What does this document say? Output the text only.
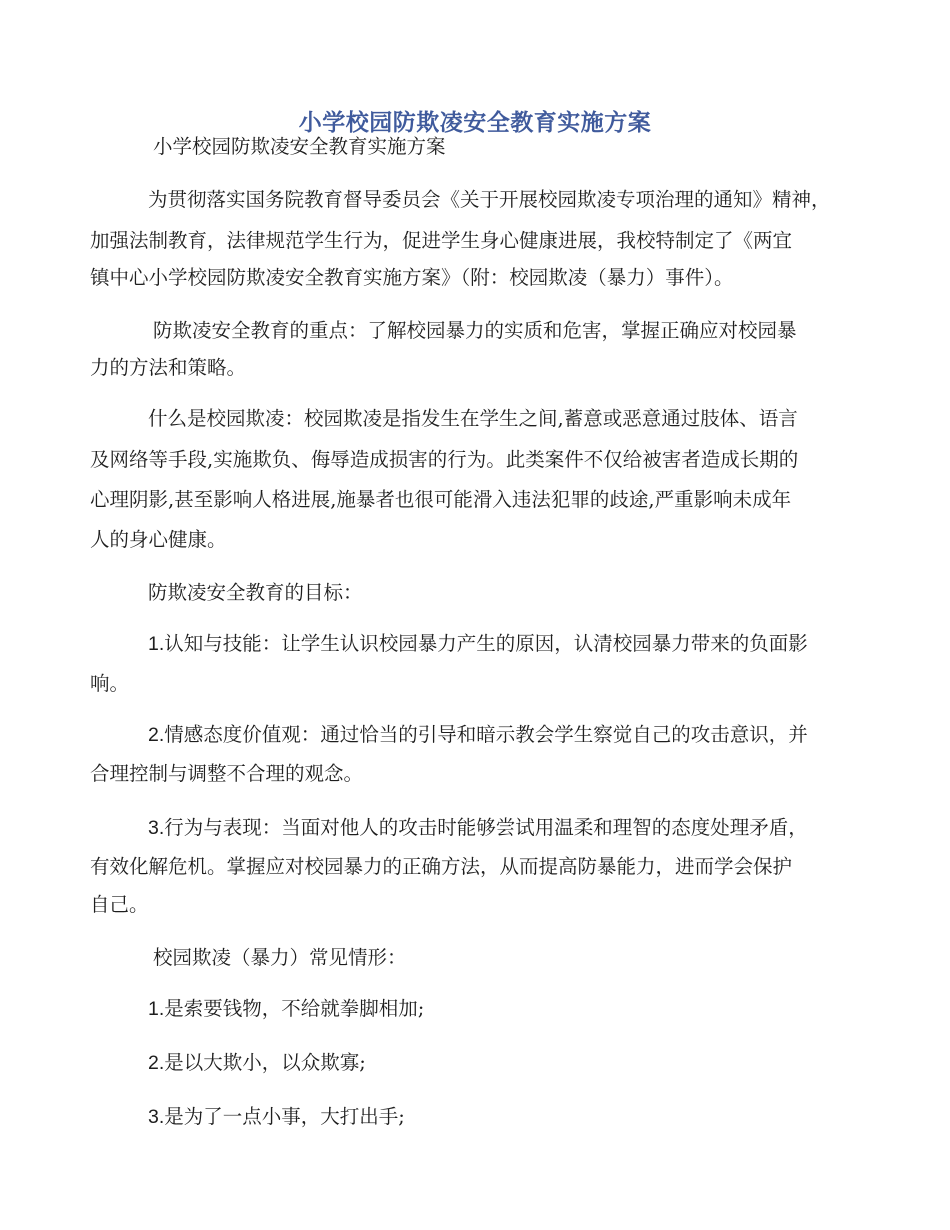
小学校园防欺凌安全教育实施方案
小学校园防欺凌安全教育实施方案
为贯彻落实国务院教育督导委员会《关于开展校园欺凌专项治理的通知》精神，
加强法制教育，法律规范学生行为，促进学生身心健康进展，我校特制定了《两宜
镇中心小学校园防欺凌安全教育实施方案》（附：校园欺凌（暴力）事件）。
防欺凌安全教育的重点：了解校园暴力的实质和危害，掌握正确应对校园暴
力的方法和策略。
什么是校园欺凌：校园欺凌是指发生在学生之间,蓄意或恶意通过肢体、语言
及网络等手段,实施欺负、侮辱造成损害的行为。此类案件不仅给被害者造成长期的
心理阴影,甚至影响人格进展,施暴者也很可能滑入违法犯罪的歧途,严重影响未成年
人的身心健康。
防欺凌安全教育的目标：
1.认知与技能：让学生认识校园暴力产生的原因，认清校园暴力带来的负面影
响。
2.情感态度价值观：通过恰当的引导和暗示教会学生察觉自己的攻击意识，并
合理控制与调整不合理的观念。
3.行为与表现：当面对他人的攻击时能够尝试用温柔和理智的态度处理矛盾，
有效化解危机。掌握应对校园暴力的正确方法，从而提高防暴能力，进而学会保护
自己。
校园欺凌（暴力）常见情形：
1.是索要钱物，不给就拳脚相加;
2.是以大欺小，以众欺寡;
3.是为了一点小事，大打出手;
